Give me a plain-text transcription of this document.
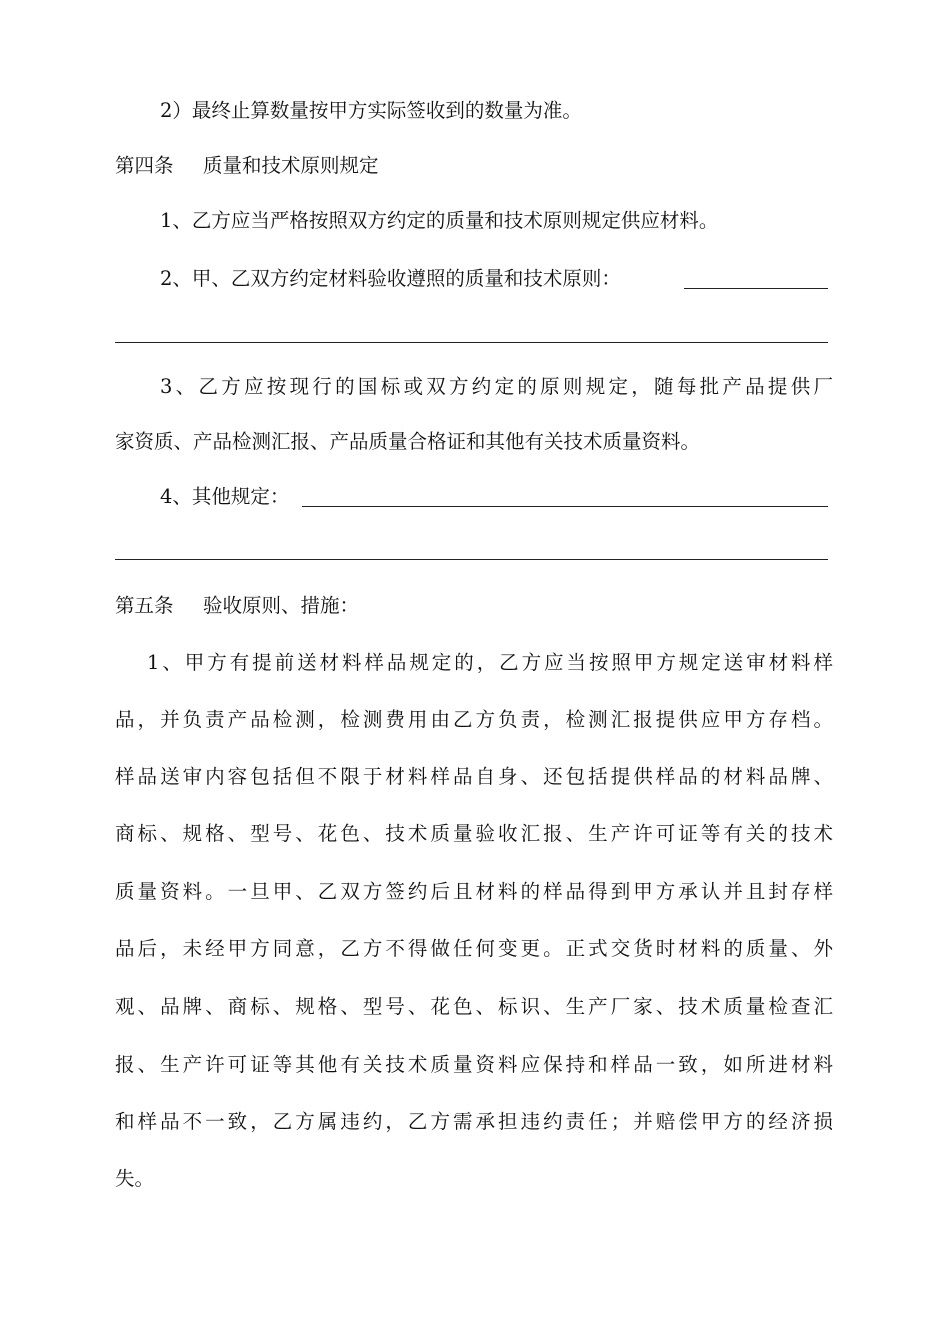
2）最终止算数量按甲方实际签收到的数量为准。
第四条 质量和技术原则规定
1、乙方应当严格按照双方约定的质量和技术原则规定供应材料。
2、甲、乙双方约定材料验收遵照的质量和技术原则：
3、乙方应按现行的国标或双方约定的原则规定，随每批产品提供厂
家资质、产品检测汇报、产品质量合格证和其他有关技术质量资料。
4、其他规定：
第五条 验收原则、措施：
1、甲方有提前送材料样品规定的，乙方应当按照甲方规定送审材料样
品，并负责产品检测，检测费用由乙方负责，检测汇报提供应甲方存档。
样品送审内容包括但不限于材料样品自身、还包括提供样品的材料品牌、
商标、规格、型号、花色、技术质量验收汇报、生产许可证等有关的技术
质量资料。一旦甲、乙双方签约后且材料的样品得到甲方承认并且封存样
品后，未经甲方同意，乙方不得做任何变更。正式交货时材料的质量、外
观、品牌、商标、规格、型号、花色、标识、生产厂家、技术质量检查汇
报、生产许可证等其他有关技术质量资料应保持和样品一致，如所进材料
和样品不一致，乙方属违约，乙方需承担违约责任；并赔偿甲方的经济损
失。
